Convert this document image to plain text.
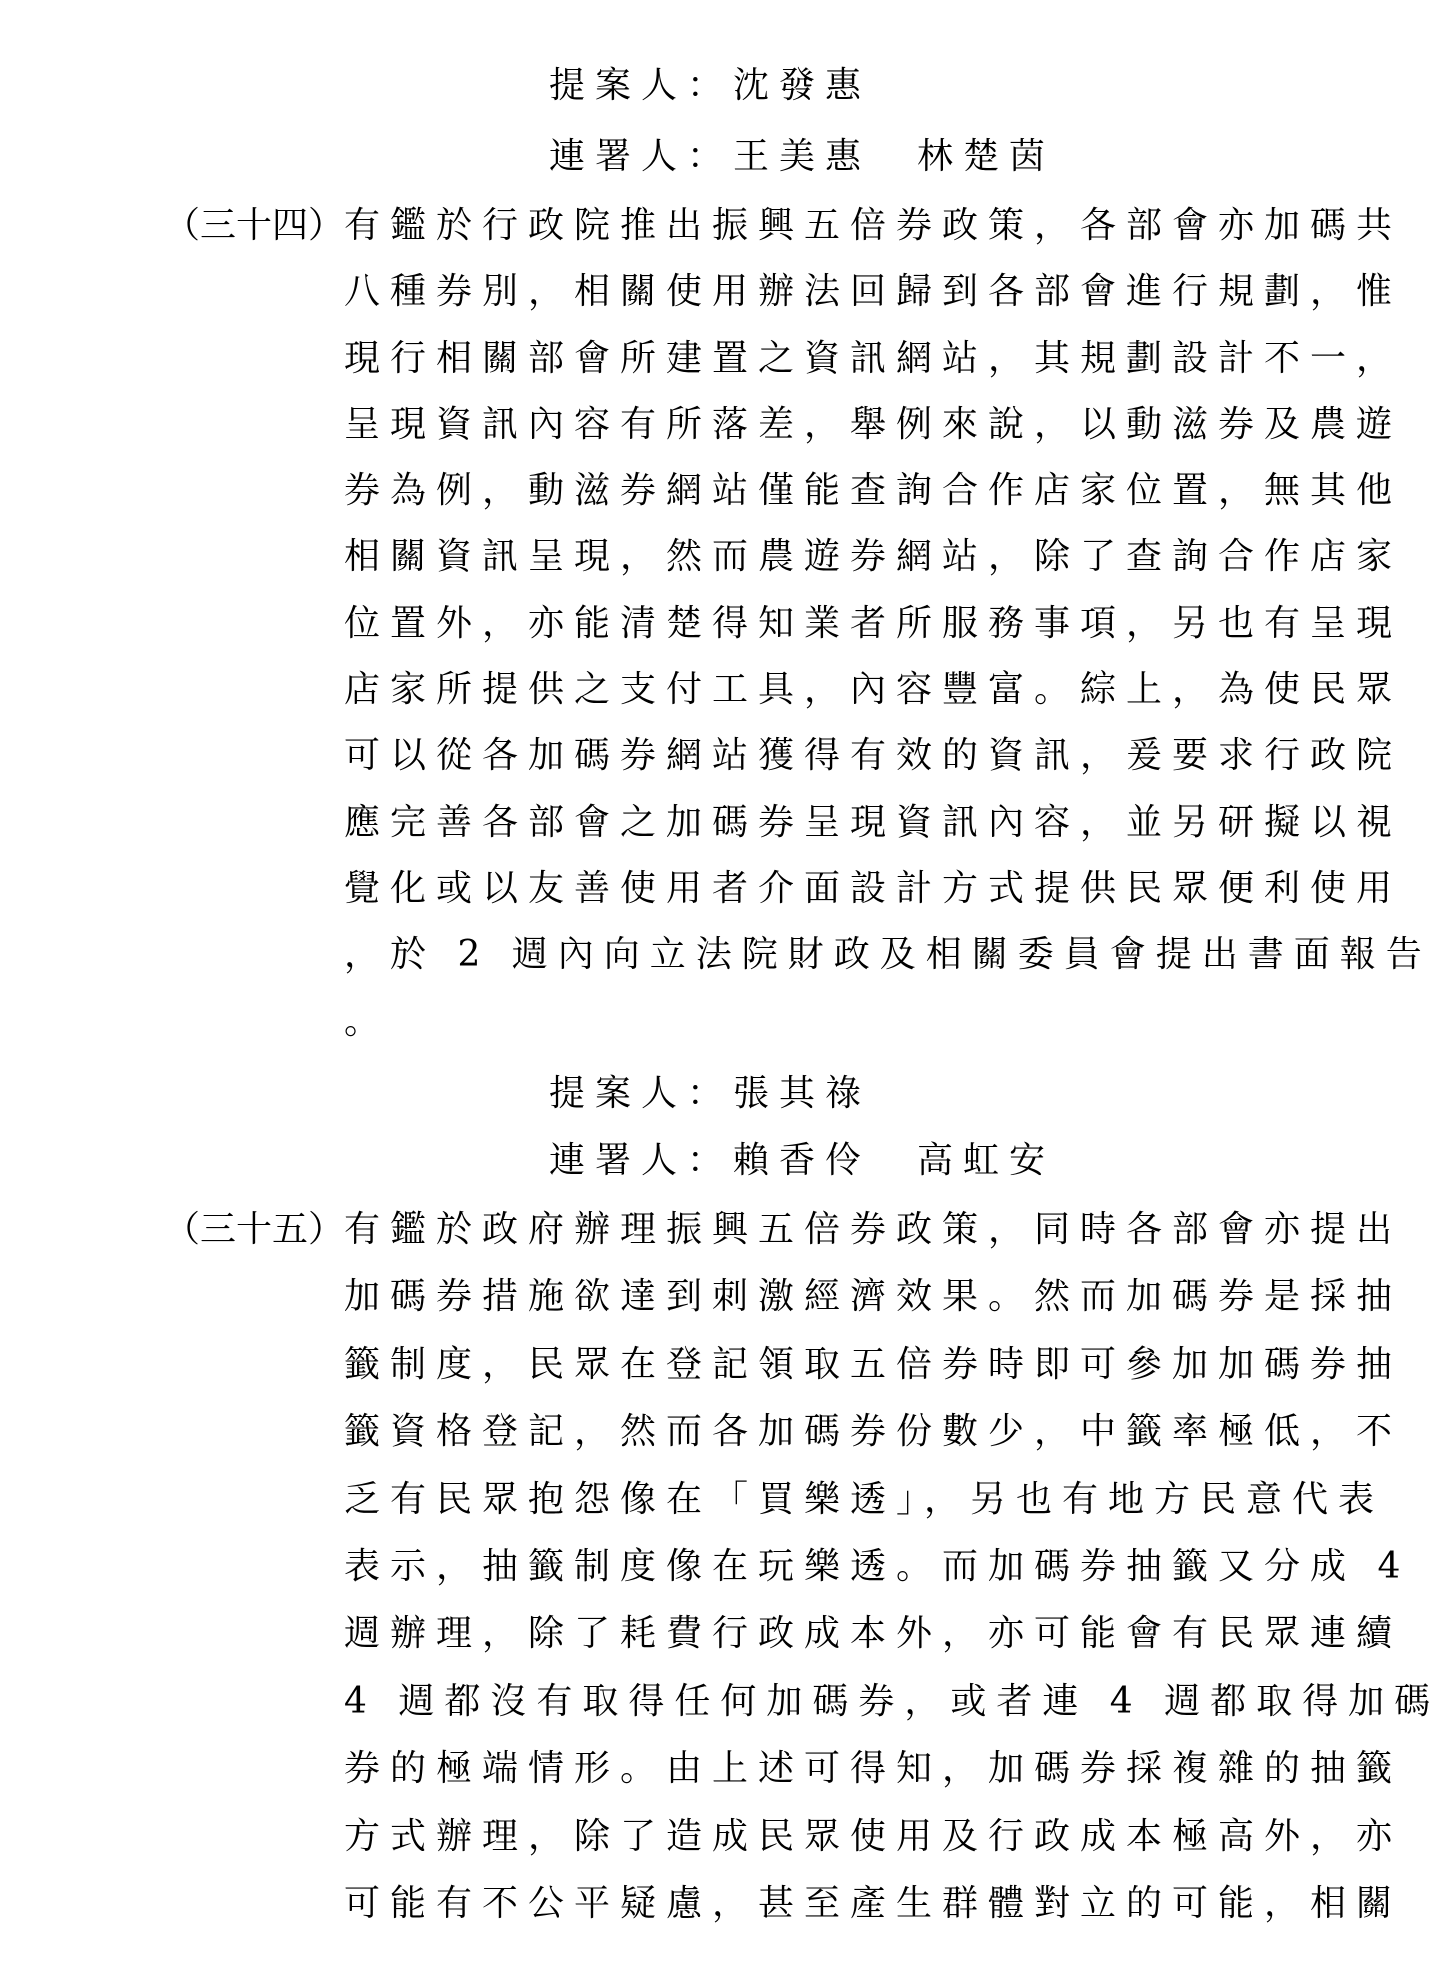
提案人：沈發惠
連署人：王美惠　林楚茵
（三十四） 有鑑於行政院推出振興五倍券政策，各部會亦加碼共
八種券別，相關使用辦法回歸到各部會進行規劃，惟
現行相關部會所建置之資訊網站，其規劃設計不一，
呈現資訊內容有所落差，舉例來說，以動滋券及農遊
券為例，動滋券網站僅能查詢合作店家位置，無其他
相關資訊呈現，然而農遊券網站，除了查詢合作店家
位置外，亦能清楚得知業者所服務事項，另也有呈現
店家所提供之支付工具，內容豐富。綜上，為使民眾
可以從各加碼券網站獲得有效的資訊，爰要求行政院
應完善各部會之加碼券呈現資訊內容，並另研擬以視
覺化或以友善使用者介面設計方式提供民眾便利使用
，於 2 週內向立法院財政及相關委員會提出書面報告
。
提案人：張其祿
連署人：賴香伶　高虹安
（三十五） 有鑑於政府辦理振興五倍券政策，同時各部會亦提出
加碼券措施欲達到刺激經濟效果。然而加碼券是採抽
籤制度，民眾在登記領取五倍券時即可參加加碼券抽
籤資格登記，然而各加碼券份數少，中籤率極低，不
乏有民眾抱怨像在「買樂透」，另也有地方民意代表
表示，抽籤制度像在玩樂透。而加碼券抽籤又分成 4
週辦理，除了耗費行政成本外，亦可能會有民眾連續
4 週都沒有取得任何加碼券，或者連 4 週都取得加碼
券的極端情形。由上述可得知，加碼券採複雜的抽籤
方式辦理，除了造成民眾使用及行政成本極高外，亦
可能有不公平疑慮，甚至產生群體對立的可能，相關
